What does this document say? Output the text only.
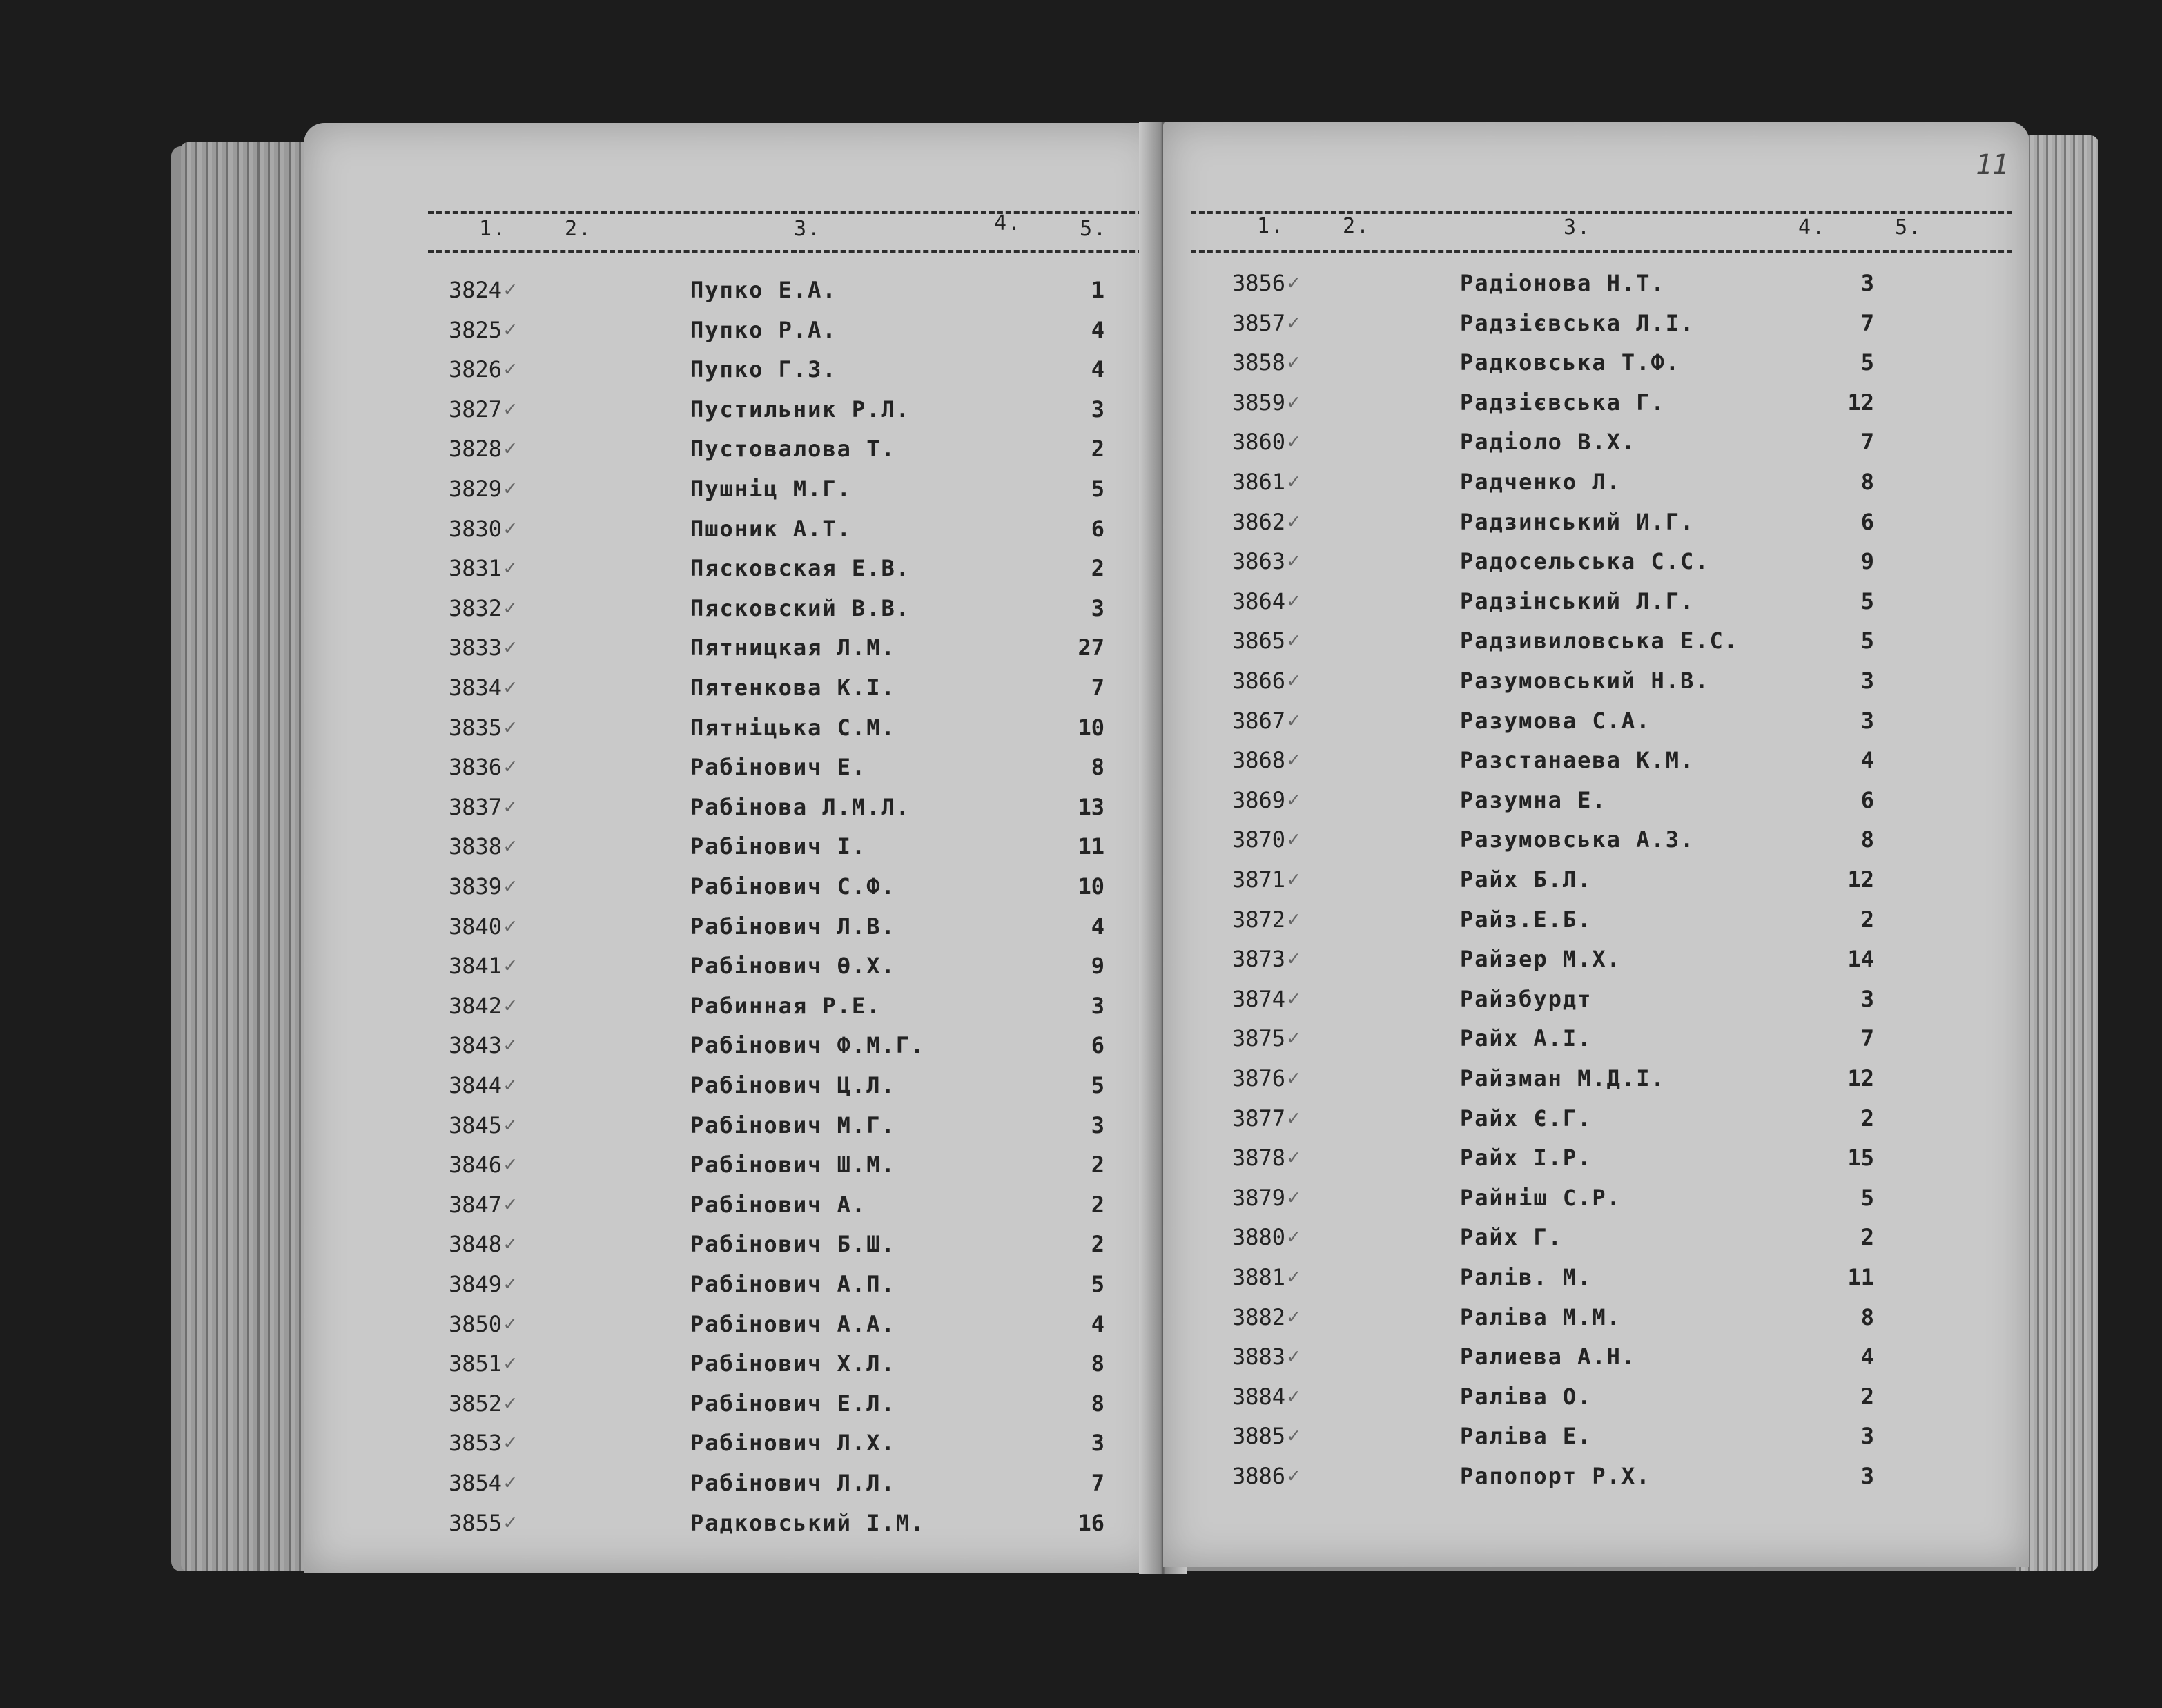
1.	2.	3.	4.	5.
3824 ✓	Пупко Е.А.	1
3825 ✓	Пупко Р.А.	4
3826 ✓	Пупко Г.З.	4
3827 ✓	Пустильник Р.Л.	3
3828 ✓	Пустовалова Т.	2
3829 ✓	Пушніц М.Г.	5
3830 ✓	Пшоник А.Т.	6
3831 ✓	Пясковская Е.В.	2
3832 ✓	Пясковский В.В.	3
3833 ✓	Пятницкая Л.М.	27
3834 ✓	Пятенкова К.І.	7
3835 ✓	Пятніцька С.М.	10
3836 ✓	Рабінович Е.	8
3837 ✓	Рабінова Л.М.Л.	13
3838 ✓	Рабінович І.	11
3839 ✓	Рабінович С.Ф.	10
3840 ✓	Рабінович Л.В.	4
3841 ✓	Рабінович Ө.Х.	9
3842 ✓	Рабинная Р.Е.	3
3843 ✓	Рабінович Ф.М.Г.	6
3844 ✓	Рабінович Ц.Л.	5
3845 ✓	Рабінович М.Г.	3
3846 ✓	Рабінович Ш.М.	2
3847 ✓	Рабінович А.	2
3848 ✓	Рабінович Б.Ш.	2
3849 ✓	Рабінович А.П.	5
3850 ✓	Рабінович А.А.	4
3851 ✓	Рабінович Х.Л.	8
3852 ✓	Рабінович Е.Л.	8
3853 ✓	Рабінович Л.Х.	3
3854 ✓	Рабінович Л.Л.	7
3855 ✓	Радковський І.М.	16
11
1.	2.	3.	4.	5.
3856 ✓	Радіонова Н.Т.	3
3857 ✓	Радзієвська Л.І.	7
3858 ✓	Радковська Т.Ф.	5
3859 ✓	Радзієвська Г.	12
3860 ✓	Радіоло В.Х.	7
3861 ✓	Радченко Л.	8
3862 ✓	Радзинський И.Г.	6
3863 ✓	Радосельська С.С.	9
3864 ✓	Радзінський Л.Г.	5
3865 ✓	Радзивиловська Е.С.	5
3866 ✓	Разумовський Н.В.	3
3867 ✓	Разумова С.А.	3
3868 ✓	Разстанаева К.М.	4
3869 ✓	Разумна Е.	6
3870 ✓	Разумовська А.З.	8
3871 ✓	Райх Б.Л.	12
3872 ✓	Райз.Е.Б.	2
3873 ✓	Райзер М.Х.	14
3874 ✓	Райзбурдт	3
3875 ✓	Райх А.І.	7
3876 ✓	Райзман М.Д.І.	12
3877 ✓	Райх Є.Г.	2
3878 ✓	Райх І.Р.	15
3879 ✓	Райніш С.Р.	5
3880 ✓	Райх Г.	2
3881 ✓	Ралів. М.	11
3882 ✓	Раліва М.М.	8
3883 ✓	Ралиева А.Н.	4
3884 ✓	Раліва О.	2
3885 ✓	Раліва Е.	3
3886 ✓	Рапопорт Р.Х.	3
